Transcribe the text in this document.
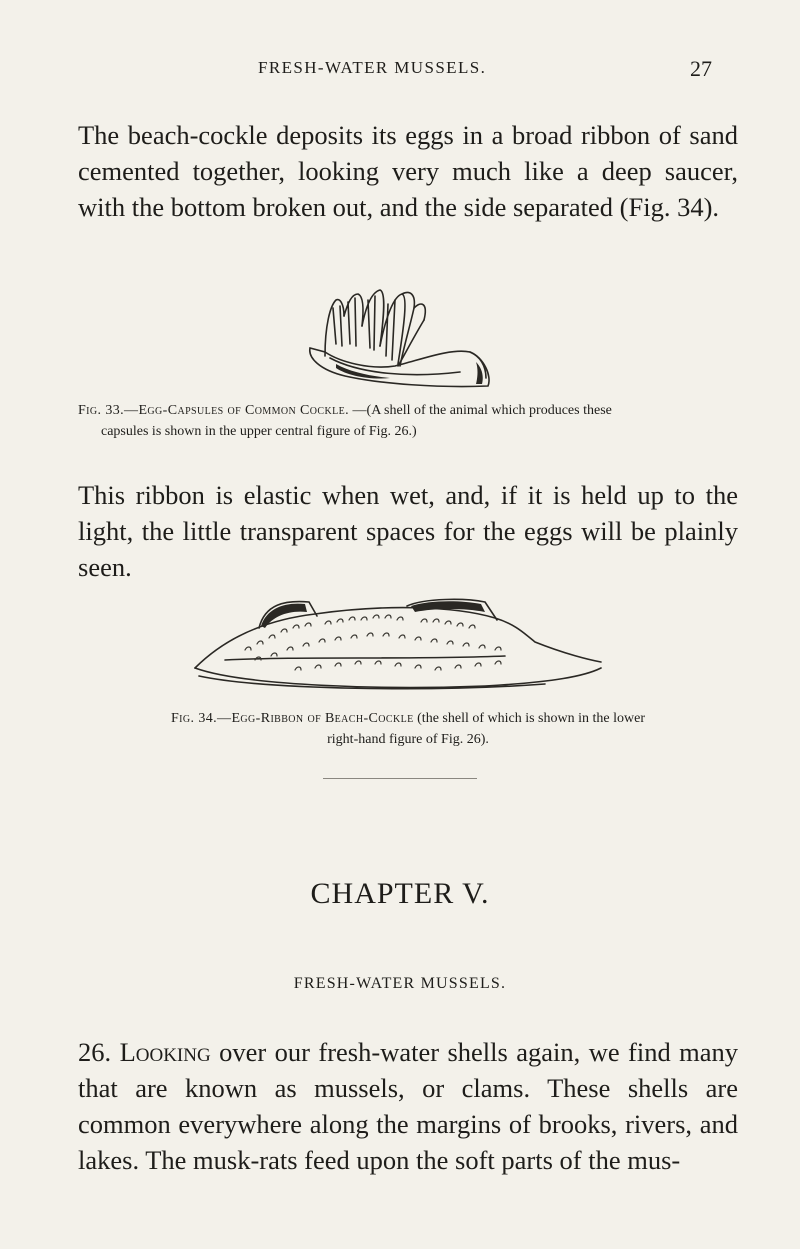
FRESH-WATER MUSSELS.	27

The beach-cockle deposits its eggs in a broad ribbon of sand cemented together, looking very much like a deep saucer, with the bottom broken out, and the side separated (Fig. 34).

Fig. 33.—Egg-Capsules of Common Cockle. —(A shell of the animal which produces these
capsules is shown in the upper central figure of Fig. 26.)

This ribbon is elastic when wet, and, if it is held up to the light, the little transparent spaces for the eggs will be plainly seen.

Fig. 34.—Egg-Ribbon of Beach-Cockle (the shell of which is shown in the lower
right-hand figure of Fig. 26).

CHAPTER V.
FRESH-WATER MUSSELS.

26. Looking over our fresh-water shells again, we find many that are known as mussels, or clams. These shells are common everywhere along the margins of brooks, rivers, and lakes. The musk-rats feed upon the soft parts of the mus-
